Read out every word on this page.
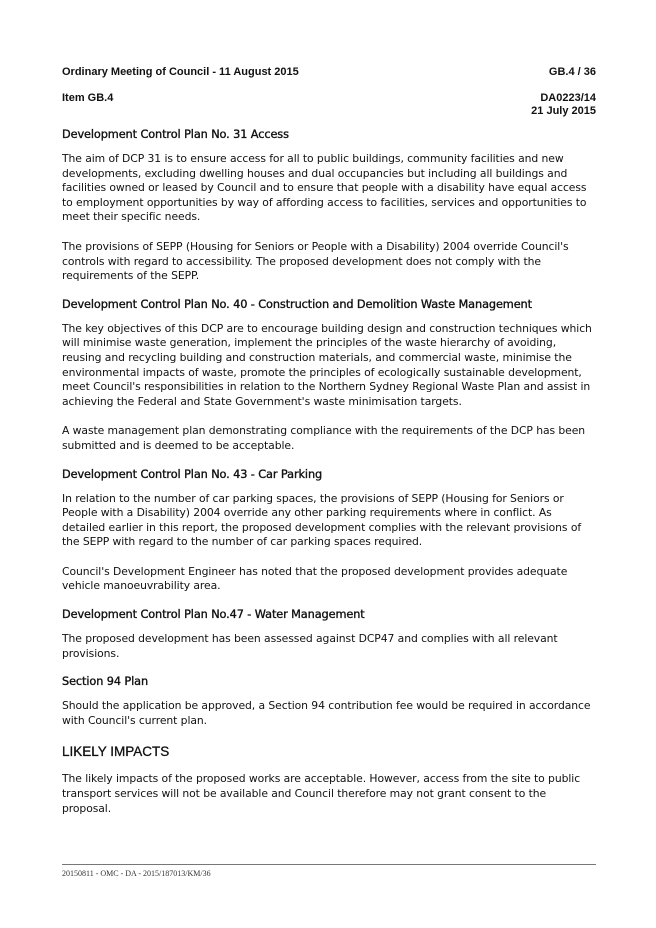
Ordinary Meeting of Council - 11 August 2015	GB.4 / 36
Item GB.4	DA0223/14
21 July 2015
Development Control Plan No. 31 Access

The aim of DCP 31 is to ensure access for all to public buildings, community facilities and new developments, excluding dwelling houses and dual occupancies but including all buildings and facilities owned or leased by Council and to ensure that people with a disability have equal access to employment opportunities by way of affording access to facilities, services and opportunities to meet their specific needs.

The provisions of SEPP (Housing for Seniors or People with a Disability) 2004 override Council's controls with regard to accessibility. The proposed development does not comply with the requirements of the SEPP.

Development Control Plan No. 40 - Construction and Demolition Waste Management

The key objectives of this DCP are to encourage building design and construction techniques which will minimise waste generation, implement the principles of the waste hierarchy of avoiding, reusing and recycling building and construction materials, and commercial waste, minimise the environmental impacts of waste, promote the principles of ecologically sustainable development, meet Council's responsibilities in relation to the Northern Sydney Regional Waste Plan and assist in achieving the Federal and State Government's waste minimisation targets.

A waste management plan demonstrating compliance with the requirements of the DCP has been submitted and is deemed to be acceptable.

Development Control Plan No. 43 - Car Parking

In relation to the number of car parking spaces, the provisions of SEPP (Housing for Seniors or People with a Disability) 2004 override any other parking requirements where in conflict. As detailed earlier in this report, the proposed development complies with the relevant provisions of the SEPP with regard to the number of car parking spaces required.

Council's Development Engineer has noted that the proposed development provides adequate vehicle manoeuvrability area.

Development Control Plan No.47 - Water Management

The proposed development has been assessed against DCP47 and complies with all relevant provisions.

Section 94 Plan

Should the application be approved, a Section 94 contribution fee would be required in accordance with Council's current plan.

LIKELY IMPACTS

The likely impacts of the proposed works are acceptable. However, access from the site to public transport services will not be available and Council therefore may not grant consent to the proposal.

20150811 - OMC - DA - 2015/187013/KM/36
